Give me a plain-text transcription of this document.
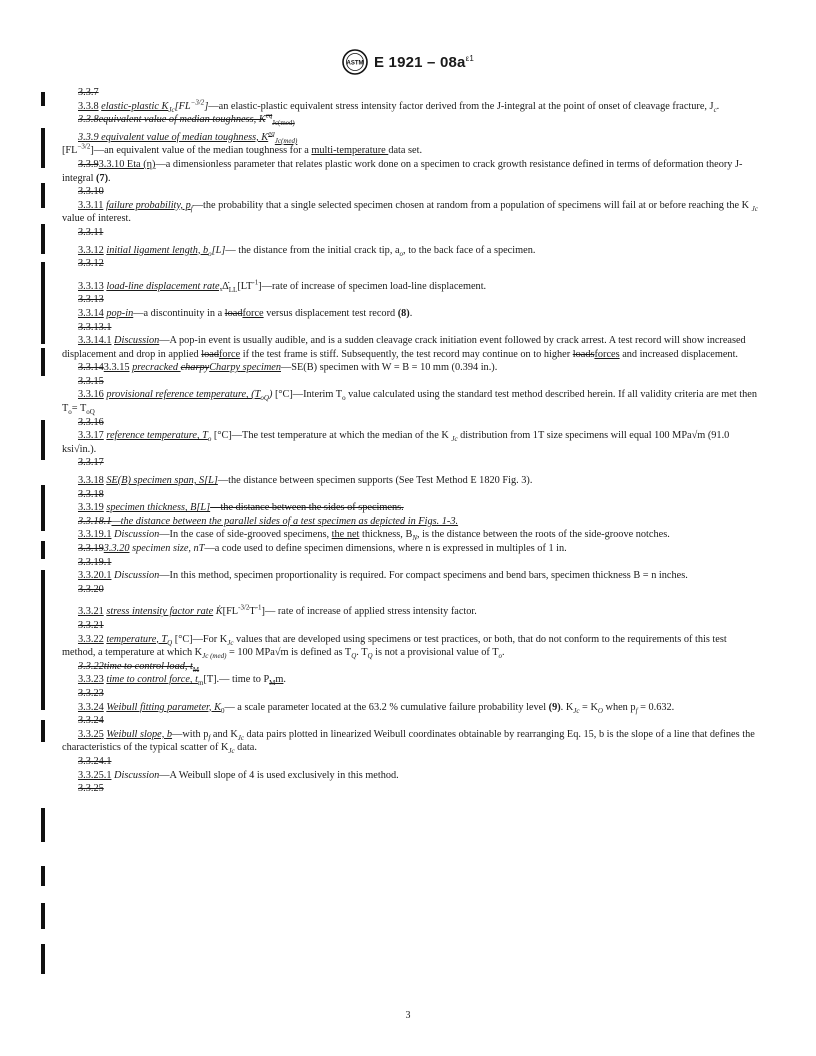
ASTM E $1921 - 08a^{\varepsilon 1}$

3.3.7

3.3.8 elastic-plastic $K_{Jc}[FL^{-3/2}]—an$ elastic-plastic equivalent stress intensity factor derived from the J-integral at the point of onset of cleavage fracture, $J_c$.

3.3.8equivalent value of median toughness, $K^{eq}_{Jc(med)}$

3.3.9 equivalent value of median toughness, $K^{eq}_{Jc(med)}$

$[FL^{-3/2}]—an$ equivalent value of the median toughness for a multi-temperature data set.

3.3.93.3.10 Eta (η)—a dimensionless parameter that relates plastic work done on a specimen to crack growth resistance defined in terms of deformation theory J-integral (7).

3.3.10

3.3.11 failure probability, $p_f—the$ probability that a single selected specimen chosen at random from a population of specimens will fail at or before reaching the K $_{Jc}$ value of interest.

3.3.11

3.3.12 initial ligament length, $b_o[L]—$ the distance from the initial crack tip, $a_o$, to the back face of a specimen.

3.3.12

3.3.13 load-line displacement $rate,\Deltȧ_{LL}[LT^{-1}]—rate$ of increase of specimen load-line displacement.

3.3.13

3.3.14 pop-in—a discontinuity in a loadforce versus displacement test record (8).

3.3.13.1

3.3.14.1 Discussion—A pop-in event is usually audible, and is a sudden cleavage crack initiation event followed by crack arrest. A test record will show increased displacement and drop in applied loadforce if the test frame is stiff. Subsequently, the test record may continue on to higher loadsforces and increased displacement.

3.3.143.3.15 precracked charpyCharpy specimen—SE(B) specimen with W = B = 10 mm (0.394 in.).

3.3.15

3.3.16 provisional reference temperature, $(T_{oQ})$ [°C]—Interim $T_o$ value calculated using the standard test method described herein. If all validity criteria are met then $T_o= T_{oQ}$

3.3.16

3.3.17 reference temperature, $T_o$ [°C]—The test temperature at which the median of the K $_{Jc}$ distribution from 1T size specimens will equal 100 MPa√m (91.0 ksi√in.).

3.3.17

3.3.18 SE(B) specimen span, S[L]—the distance between specimen supports (See Test Method E 1820 Fig. 3).

3.3.18

3.3.19 specimen thickness, B[L]—the distance between the sides of specimens.

3.3.18.1—the distance between the parallel sides of a test specimen as depicted in Figs. 1-3.

3.3.19.1 Discussion—In the case of side-grooved specimens, the net thickness, $B_N$, is the distance between the roots of the side-groove notches.

3.3.193.3.20 specimen size, nT—a code used to define specimen dimensions, where n is expressed in multiples of 1 in.

3.3.19.1

3.3.20.1 Discussion—In this method, specimen proportionality is required. For compact specimens and bend bars, specimen thickness B = n inches.

3.3.20

3.3.21 stress intensity factor rate $K̇[FL^{-3/2}T^{-1}]—$ rate of increase of applied stress intensity factor.

3.3.21

3.3.22 temperature, $T_Q$ [°C]—For $K_{Jc}$ values that are developed using specimens or test practices, or both, that do not conform to the requirements of this test method, a temperature at which $K_{Jc (med)} = 100$ MPa√m is defined as $T_Q$. $T_Q$ is not a provisional value of $T_o$.

3.3.22time to control load, $t_M$

3.3.23 time to control force, $t_m[T].—$ time to $P_Mm$.

3.3.23

3.3.24 Weibull fitting parameter, $K_0—$ a scale parameter located at the 63.2 % cumulative failure probability level (9). $K_{Jc} = K_O$ when $p_f = 0.632$.

3.3.24

3.3.25 Weibull slope, b—with $p_f$ and $K_{Jc}$ data pairs plotted in linearized Weibull coordinates obtainable by rearranging Eq. 15, b is the slope of a line that defines the characteristics of the typical scatter of $K_{Jc}$ data.

3.3.24.1

3.3.25.1 Discussion—A Weibull slope of 4 is used exclusively in this method.

3.3.25

3
